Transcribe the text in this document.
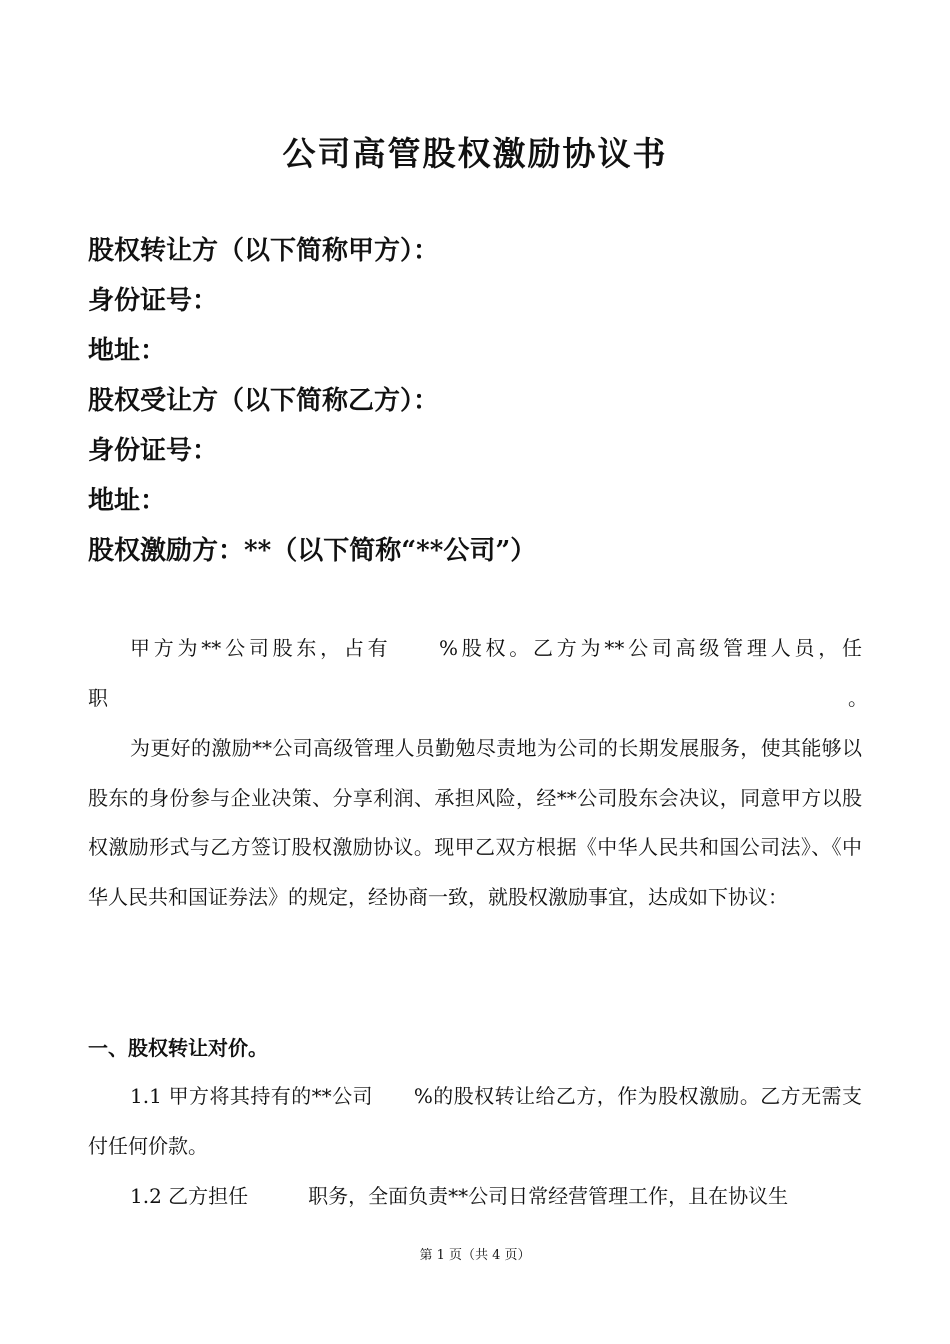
公司高管股权激励协议书
股权转让方（以下简称甲方）：
身份证号：
地址：
股权受让方（以下简称乙方）：
身份证号：
地址：
股权激励方：**（以下简称“**公司”）
甲方为**公司股东，占有　　%股权。乙方为**公司高级管理人员，任职　　　　　　　　　　　　　　　　　　　　　　　　　　　　　　　　　　　　　。
为更好的激励**公司高级管理人员勤勉尽责地为公司的长期发展服务，使其能够以股东的身份参与企业决策、分享利润、承担风险，经**公司股东会决议，同意甲方以股权激励形式与乙方签订股权激励协议。现甲乙双方根据《中华人民共和国公司法》、《中华人民共和国证券法》的规定，经协商一致，就股权激励事宜，达成如下协议：
一、股权转让对价。
1.1 甲方将其持有的**公司　　%的股权转让给乙方，作为股权激励。乙方无需支付任何价款。
1.2 乙方担任　　　职务，全面负责**公司日常经营管理工作，且在协议生
第 1 页（共 4 页）
